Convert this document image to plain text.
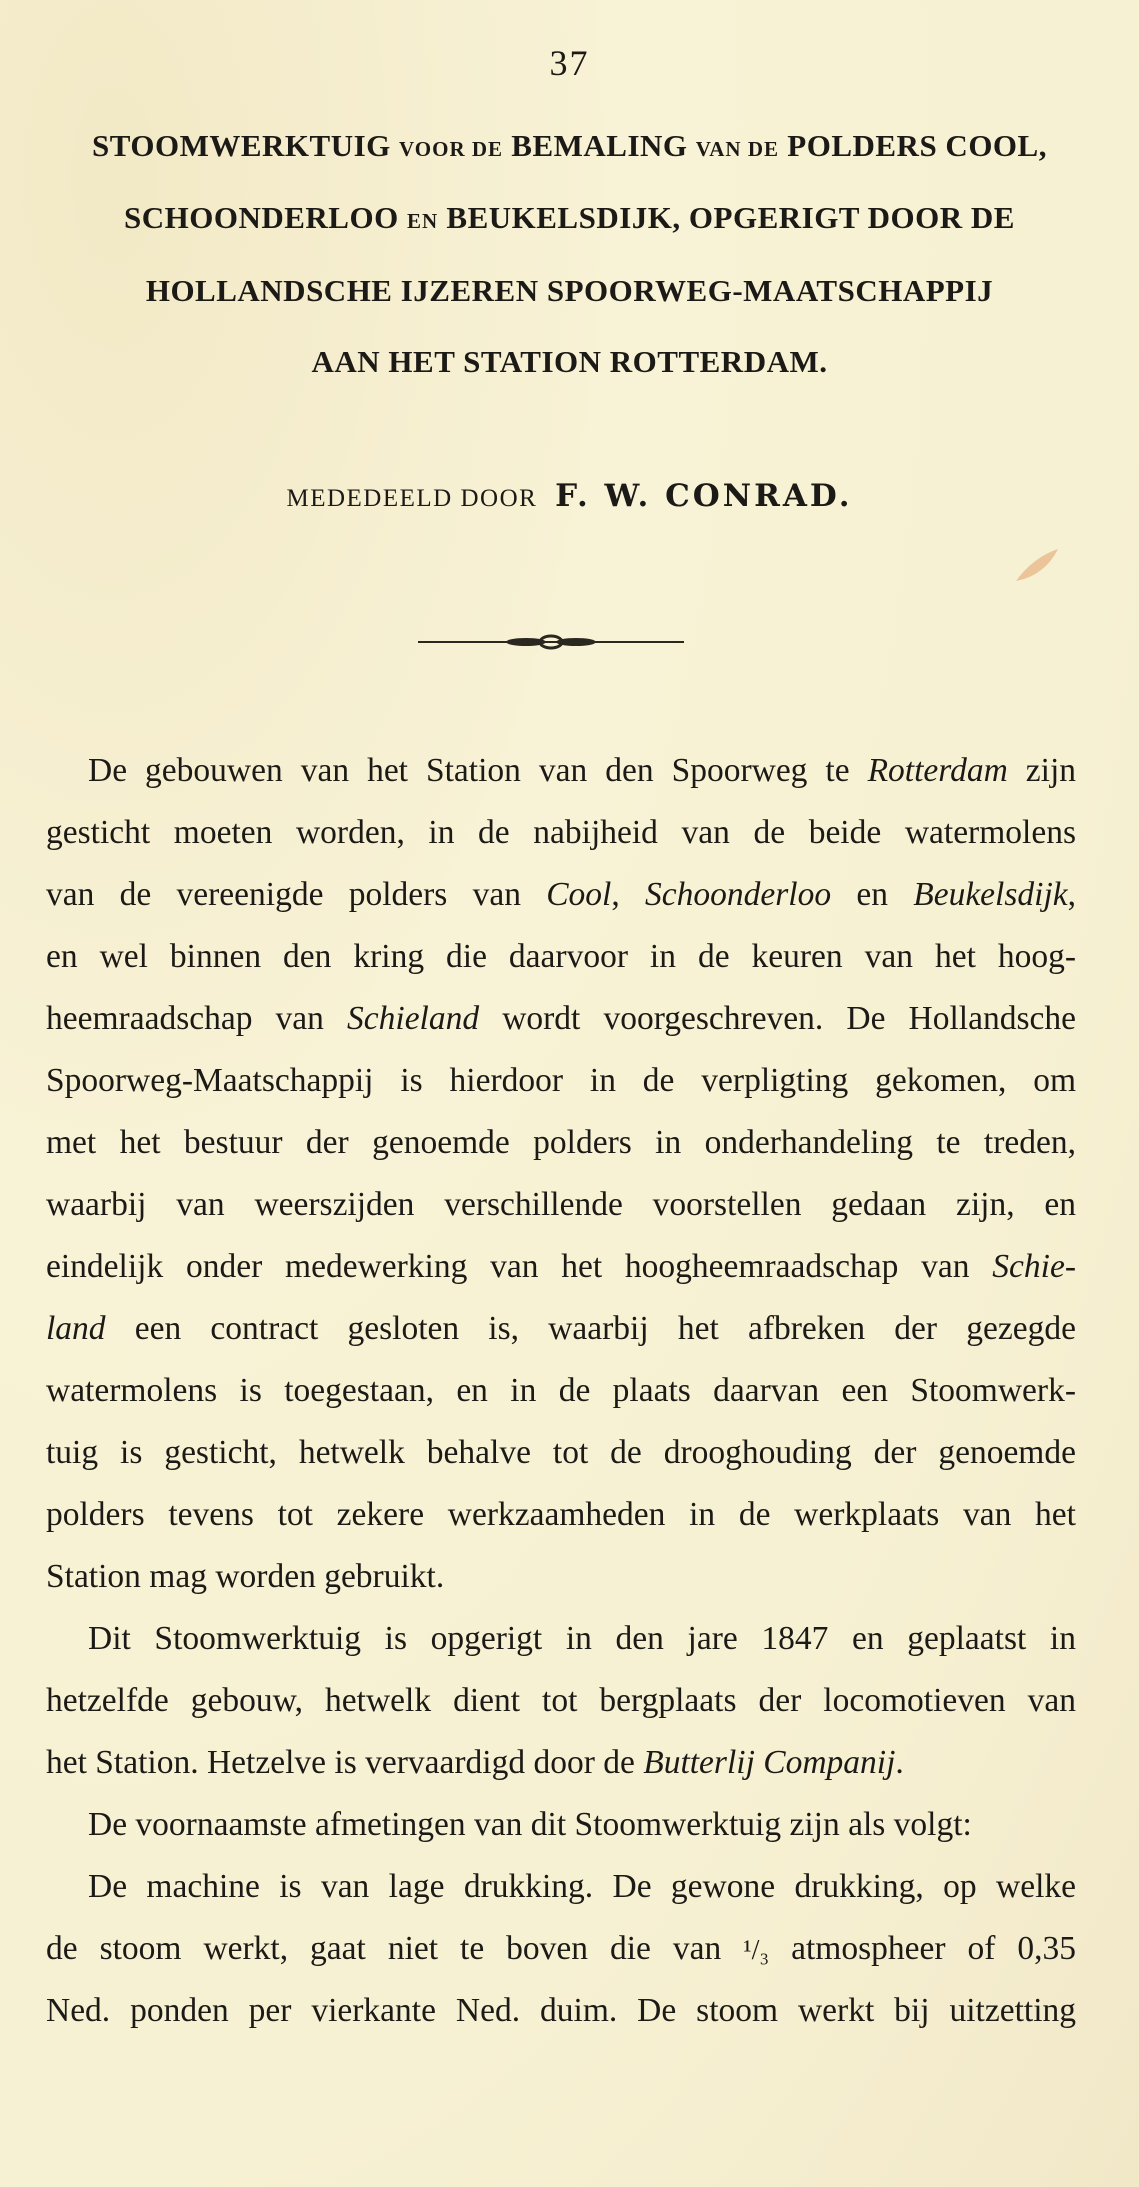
37
STOOMWERKTUIG VOOR DE BEMALING VAN DE POLDERS COOL,
SCHOONDERLOO EN BEUKELSDIJK, OPGERIGT DOOR DE
HOLLANDSCHE IJZEREN SPOORWEG-MAATSCHAPPIJ
AAN HET STATION ROTTERDAM.
MEDEDEELD DOOR F. W. CONRAD.
De gebouwen van het Station van den Spoorweg te Rotterdam zijn
gesticht moeten worden, in de nabijheid van de beide watermolens
van de vereenigde polders van Cool, Schoonderloo en Beukelsdijk,
en wel binnen den kring die daarvoor in de keuren van het hoog-
heemraadschap van Schieland wordt voorgeschreven. De Hollandsche
Spoorweg-Maatschappij is hierdoor in de verpligting gekomen, om
met het bestuur der genoemde polders in onderhandeling te treden,
waarbij van weerszijden verschillende voorstellen gedaan zijn, en
eindelijk onder medewerking van het hoogheemraadschap van Schie-
land een contract gesloten is, waarbij het afbreken der gezegde
watermolens is toegestaan, en in de plaats daarvan een Stoomwerk-
tuig is gesticht, hetwelk behalve tot de drooghouding der genoemde
polders tevens tot zekere werkzaamheden in de werkplaats van het
Station mag worden gebruikt.
Dit Stoomwerktuig is opgerigt in den jare 1847 en geplaatst in
hetzelfde gebouw, hetwelk dient tot bergplaats der locomotieven van
het Station. Hetzelve is vervaardigd door de Butterlij Companij.
De voornaamste afmetingen van dit Stoomwerktuig zijn als volgt:
De machine is van lage drukking. De gewone drukking, op welke
de stoom werkt, gaat niet te boven die van ¹/₃ atmospheer of 0,35
Ned. ponden per vierkante Ned. duim. De stoom werkt bij uitzetting
